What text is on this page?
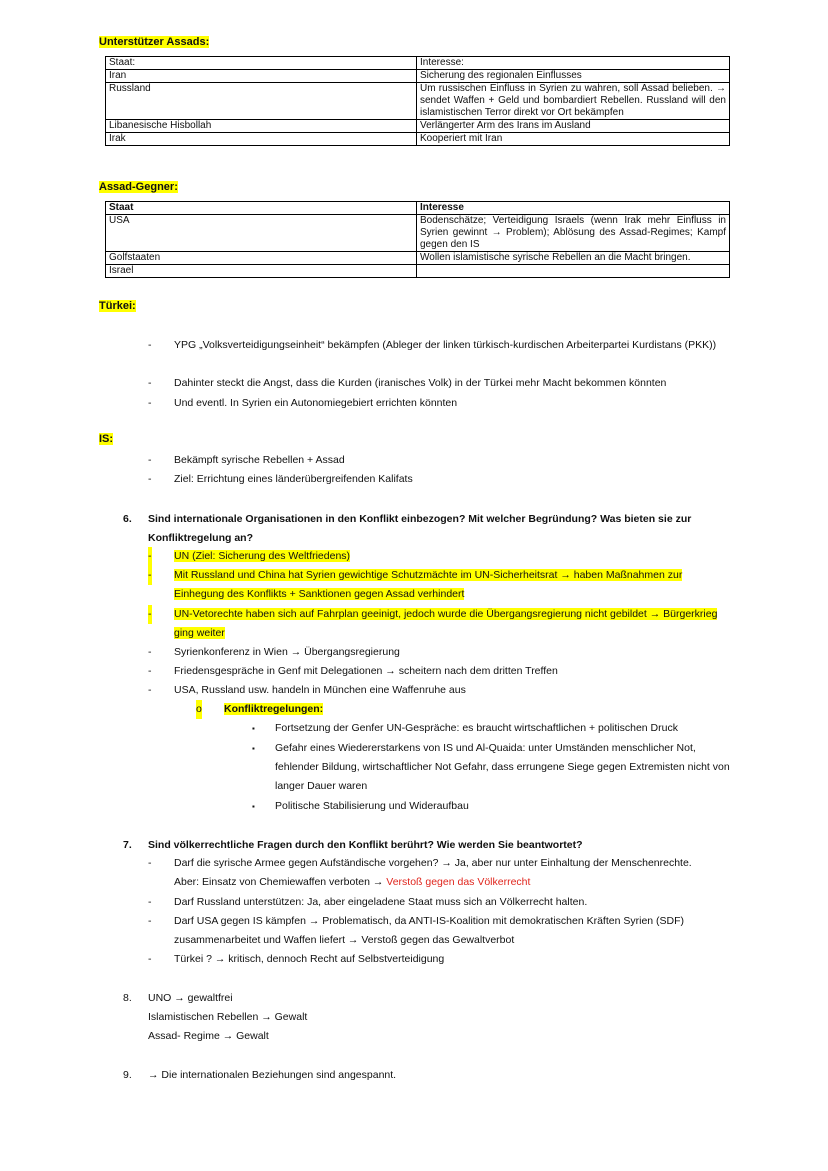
Unterstützer Assads:
Staat:	Interesse:
Iran	Sicherung des regionalen Einflusses
Russland	Um russischen Einfluss in Syrien zu wahren, soll Assad belieben. → sendet Waffen + Geld und bombardiert Rebellen. Russland will den islamistischen Terror direkt vor Ort bekämpfen
Libanesische Hisbollah	Verlängerter Arm des Irans im Ausland
Irak	Kooperiert mit Iran
Assad-Gegner:
Staat	Interesse
USA	Bodenschätze; Verteidigung Israels (wenn Irak mehr Einfluss in Syrien gewinnt → Problem); Ablösung des Assad-Regimes; Kampf gegen den IS
Golfstaaten	Wollen islamistische syrische Rebellen an die Macht bringen.
Israel	
Türkei:
- YPG „Volksverteidigungseinheit“ bekämpfen (Ableger der linken türkisch-kurdischen Arbeiterpartei Kurdistans (PKK))
- Dahinter steckt die Angst, dass die Kurden (iranisches Volk) in der Türkei mehr Macht bekommen könnten
- Und eventl. In Syrien ein Autonomiegebiert errichten könnten
IS:
- Bekämpft syrische Rebellen + Assad
- Ziel: Errichtung eines länderübergreifenden Kalifats
6. Sind internationale Organisationen in den Konflikt einbezogen? Mit welcher Begründung? Was bieten sie zur Konfliktregelung an?
- UN (Ziel: Sicherung des Weltfriedens)
- Mit Russland und China hat Syrien gewichtige Schutzmächte im UN-Sicherheitsrat → haben Maßnahmen zur Einhegung des Konflikts + Sanktionen gegen Assad verhindert
- UN-Vetorechte haben sich auf Fahrplan geeinigt, jedoch wurde die Übergangsregierung nicht gebildet → Bürgerkrieg ging weiter
- Syrienkonferenz in Wien → Übergangsregierung
- Friedensgespräche in Genf mit Delegationen → scheitern nach dem dritten Treffen
- USA, Russland usw. handeln in München eine Waffenruhe aus
o Konfliktregelungen:
▪ Fortsetzung der Genfer UN-Gespräche: es braucht wirtschaftlichen + politischen Druck
▪ Gefahr eines Wiedererstarkens von IS und Al-Quaida: unter Umständen menschlicher Not, fehlender Bildung, wirtschaftlicher Not Gefahr, dass errungene Siege gegen Extremisten nicht von langer Dauer waren
▪ Politische Stabilisierung und Wideraufbau
7. Sind völkerrechtliche Fragen durch den Konflikt berührt? Wie werden Sie beantwortet?
- Darf die syrische Armee gegen Aufständische vorgehen? → Ja, aber nur unter Einhaltung der Menschenrechte.
Aber: Einsatz von Chemiewaffen verboten → Verstoß gegen das Völkerrecht
- Darf Russland unterstützen: Ja, aber eingeladene Staat muss sich an Völkerrecht halten.
- Darf USA gegen IS kämpfen → Problematisch, da ANTI-IS-Koalition mit demokratischen Kräften Syrien (SDF) zusammenarbeitet und Waffen liefert → Verstoß gegen das Gewaltverbot
- Türkei ? → kritisch, dennoch Recht auf Selbstverteidigung
8. UNO → gewaltfrei
Islamistischen Rebellen → Gewalt
Assad- Regime → Gewalt
9. → Die internationalen Beziehungen sind angespannt.
